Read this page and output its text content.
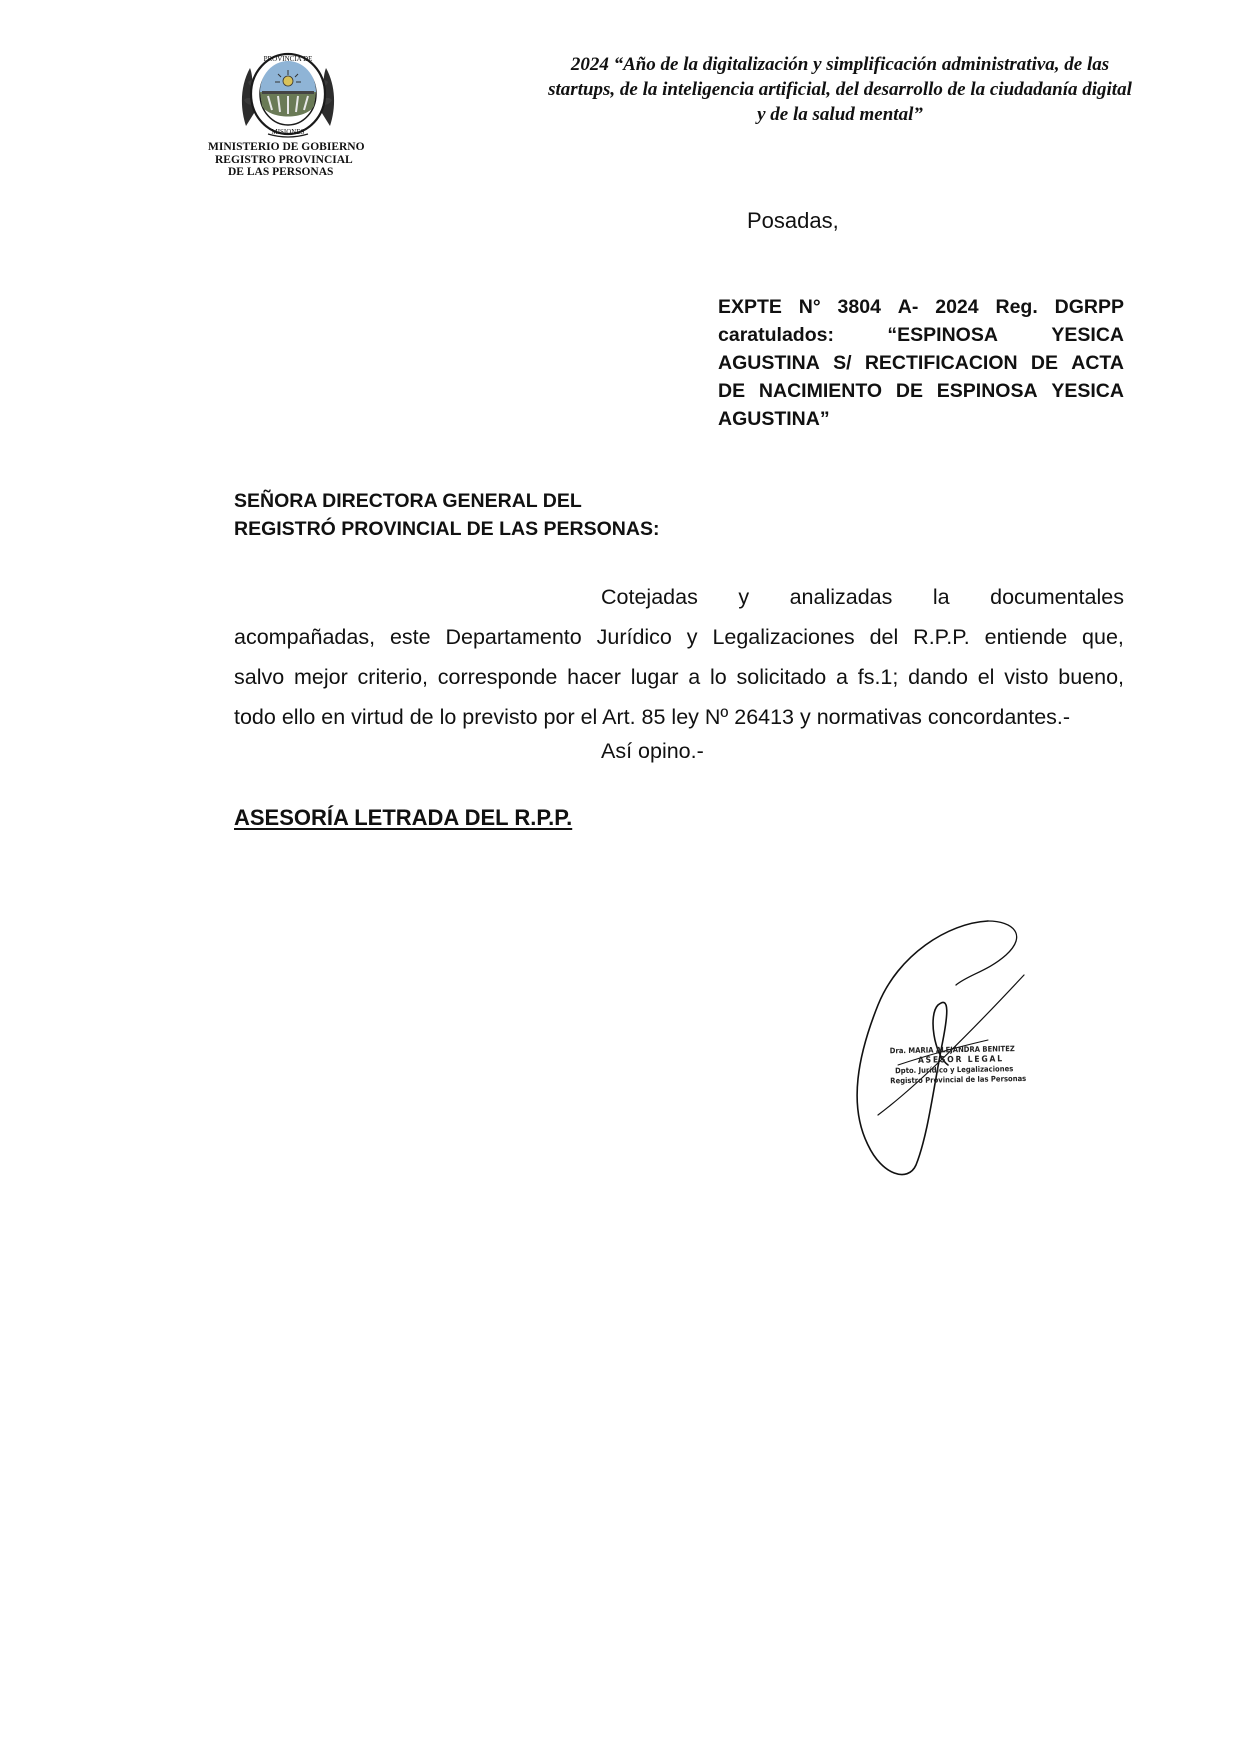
PROVINCIA DE
MISIONES
MINISTERIO DE GOBIERNO
REGISTRO PROVINCIAL
DE LAS PERSONAS
2024 “Año de la digitalización y simplificación administrativa, de las
startups, de la inteligencia artificial, del desarrollo de la ciudadanía digital
y de la salud mental”
Posadas,
EXPTE N° 3804 A- 2024 Reg. DGRPP
caratulados:	“ESPINOSA	YESICA
AGUSTINA S/ RECTIFICACION DE ACTA
DE NACIMIENTO DE ESPINOSA YESICA
AGUSTINA”
SEÑORA DIRECTORA GENERAL DEL
REGISTRÓ PROVINCIAL DE LAS PERSONAS:
Cotejadas y analizadas la documentales
acompañadas, este Departamento Jurídico y Legalizaciones del R.P.P. entiende que,
salvo mejor criterio, corresponde hacer lugar a lo solicitado a fs.1; dando el visto bueno,
todo ello en virtud de lo previsto por el Art. 85 ley Nº 26413 y normativas concordantes.-
Así opino.-
ASESORÍA LETRADA DEL R.P.P.
Dra. MARIA ALEJANDRA BENITEZ
ASESOR LEGAL
Dpto. Jurídico y Legalizaciones
Registro Provincial de las Personas
